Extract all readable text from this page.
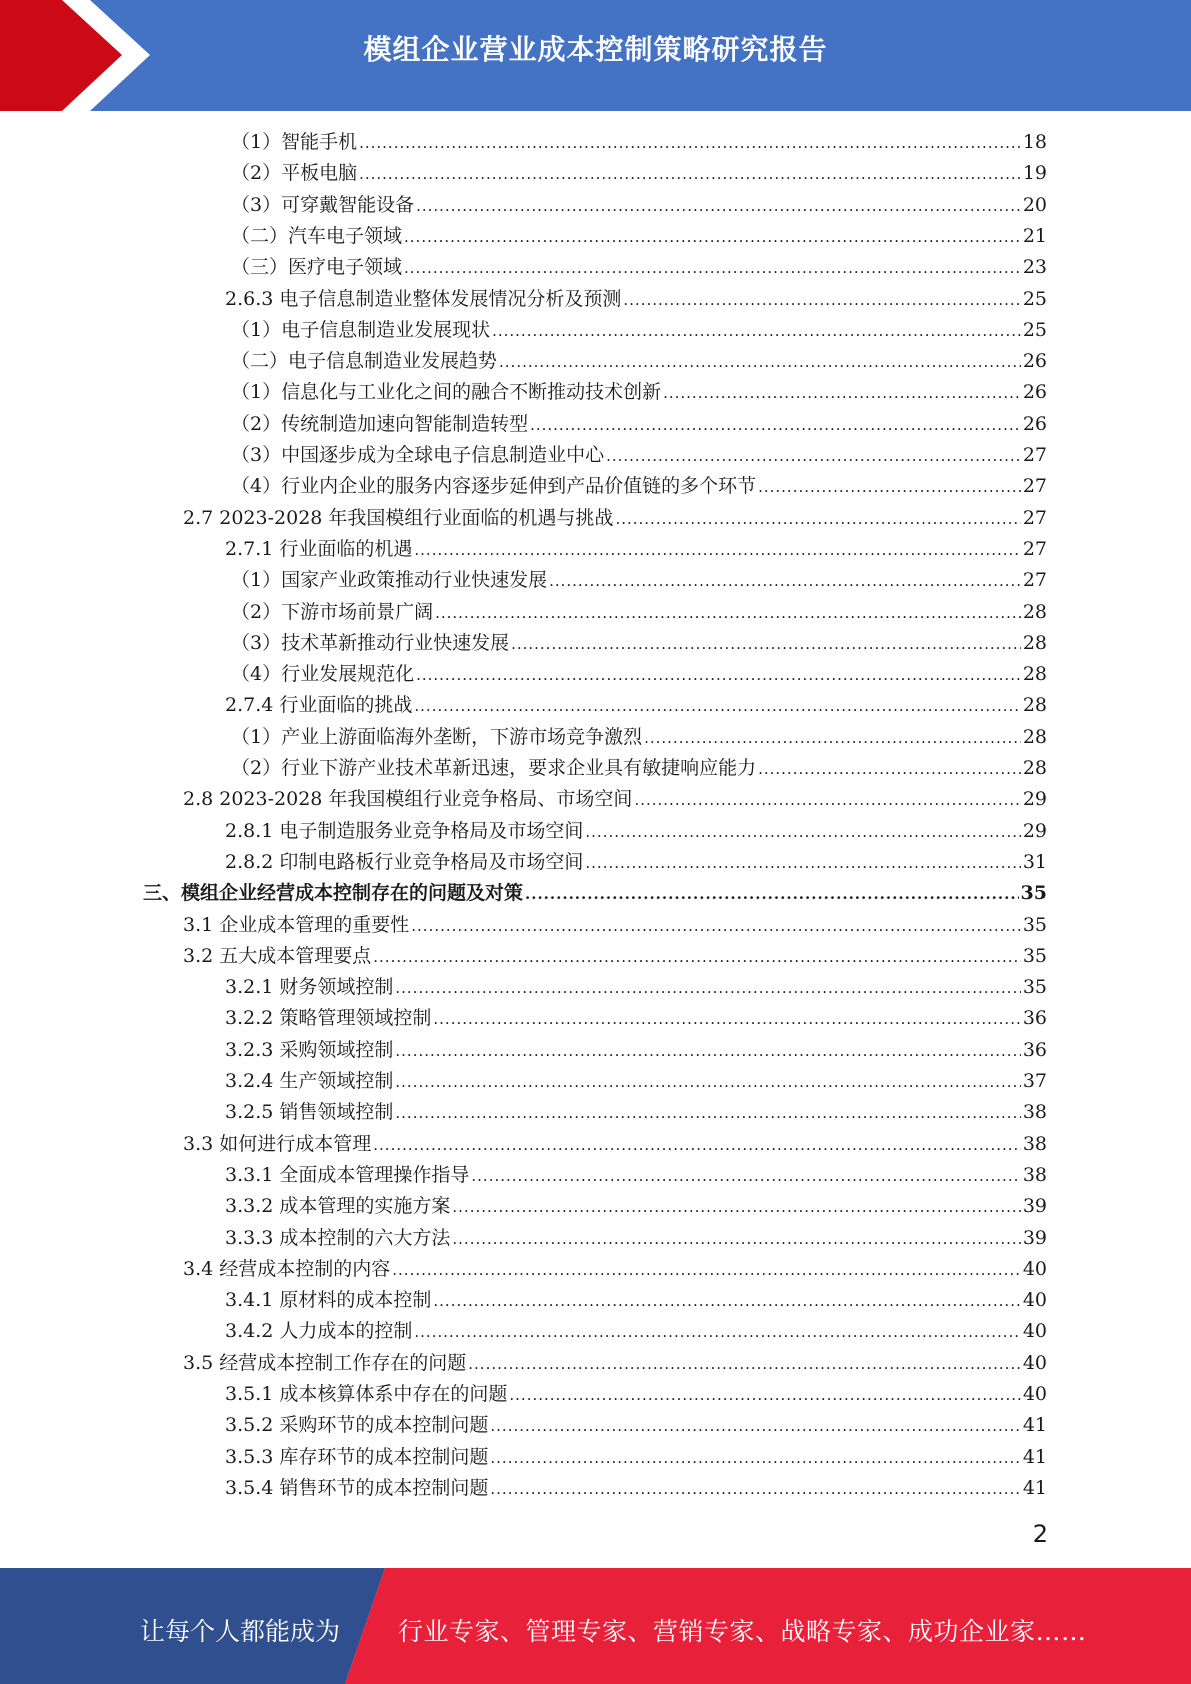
模组企业营业成本控制策略研究报告
（1）智能手机 .....	18
（2）平板电脑 .....	19
（3）可穿戴智能设备 .....	20
（二）汽车电子领域 .....	21
（三）医疗电子领域 .....	23
2.6.3 电子信息制造业整体发展情况分析及预测 .....	25
（1）电子信息制造业发展现状 .....	25
（二）电子信息制造业发展趋势 .....	26
（1）信息化与工业化之间的融合不断推动技术创新 .....	26
（2）传统制造加速向智能制造转型 .....	26
（3）中国逐步成为全球电子信息制造业中心 .....	27
（4）行业内企业的服务内容逐步延伸到产品价值链的多个环节 .....	27
2.7 2023-2028 年我国模组行业面临的机遇与挑战 .....	27
2.7.1 行业面临的机遇 .....	27
（1）国家产业政策推动行业快速发展 .....	27
（2）下游市场前景广阔 .....	28
（3）技术革新推动行业快速发展 .....	28
（4）行业发展规范化 .....	28
2.7.4 行业面临的挑战 .....	28
（1）产业上游面临海外垄断，下游市场竞争激烈 .....	28
（2）行业下游产业技术革新迅速，要求企业具有敏捷响应能力 .....	28
2.8 2023-2028 年我国模组行业竞争格局、市场空间 .....	29
2.8.1 电子制造服务业竞争格局及市场空间 .....	29
2.8.2 印制电路板行业竞争格局及市场空间 .....	31
三、模组企业经营成本控制存在的问题及对策 .....	35
3.1 企业成本管理的重要性 .....	35
3.2 五大成本管理要点 .....	35
3.2.1 财务领域控制 .....	35
3.2.2 策略管理领域控制 .....	36
3.2.3 采购领域控制 .....	36
3.2.4 生产领域控制 .....	37
3.2.5 销售领域控制 .....	38
3.3 如何进行成本管理 .....	38
3.3.1 全面成本管理操作指导 .....	38
3.3.2 成本管理的实施方案 .....	39
3.3.3 成本控制的六大方法 .....	39
3.4 经营成本控制的内容 .....	40
3.4.1 原材料的成本控制 .....	40
3.4.2 人力成本的控制 .....	40
3.5 经营成本控制工作存在的问题 .....	40
3.5.1 成本核算体系中存在的问题 .....	40
3.5.2 采购环节的成本控制问题 .....	41
3.5.3 库存环节的成本控制问题 .....	41
3.5.4 销售环节的成本控制问题 .....	41
2
让每个人都能成为 行业专家、管理专家、营销专家、战略专家、成功企业家……
